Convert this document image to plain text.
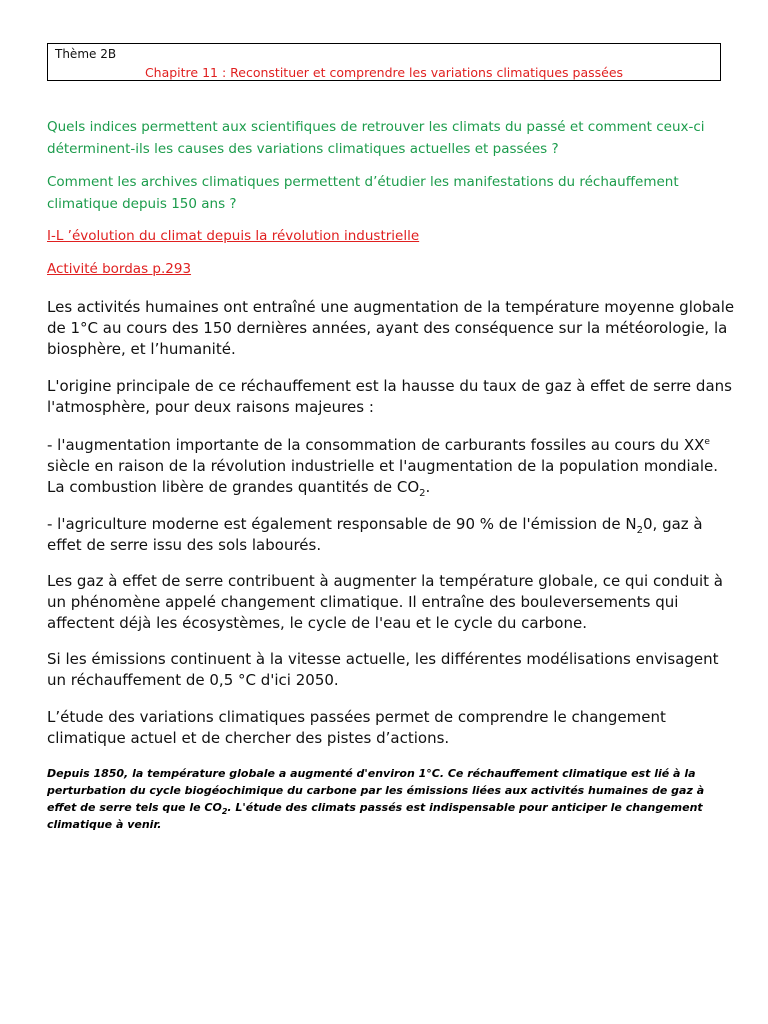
Thème 2B
Chapitre 11 : Reconstituer et comprendre les variations climatiques passées
Quels indices permettent aux scientifiques de retrouver les climats du passé et comment ceux-ci déterminent-ils les causes des variations climatiques actuelles et passées ?
Comment les archives climatiques permettent d’étudier les manifestations du réchauffement climatique depuis 150 ans ?
I-L ’évolution du climat depuis la révolution industrielle
Activité bordas p.293
Les activités humaines ont entraîné une augmentation de la température moyenne globale de 1°C au cours des 150 dernières années, ayant des conséquence sur la météorologie, la biosphère, et l’humanité.
L'origine principale de ce réchauffement est la hausse du taux de gaz à effet de serre dans l'atmosphère, pour deux raisons majeures :
- l'augmentation importante de la consommation de carburants fossiles au cours du XXe siècle en raison de la révolution industrielle et l'augmentation de la population mondiale. La combustion libère de grandes quantités de $CO_2$.
- l'agriculture moderne est également responsable de 90 % de l'émission de $N_20$, gaz à effet de serre issu des sols labourés.
Les gaz à effet de serre contribuent à augmenter la température globale, ce qui conduit à un phénomène appelé changement climatique. Il entraîne des bouleversements qui affectent déjà les écosystèmes, le cycle de l'eau et le cycle du carbone.
Si les émissions continuent à la vitesse actuelle, les différentes modélisations envisagent un réchauffement de 0,5 °C d'ici 2050.
L’étude des variations climatiques passées permet de comprendre le changement climatique actuel et de chercher des pistes d’actions.
Depuis 1850, la température globale a augmenté d'environ 1°C. Ce réchauffement climatique est lié à la perturbation du cycle biogéochimique du carbone par les émissions liées aux activités humaines de gaz à effet de serre tels que le $CO_2$. L'étude des climats passés est indispensable pour anticiper le changement climatique à venir.
